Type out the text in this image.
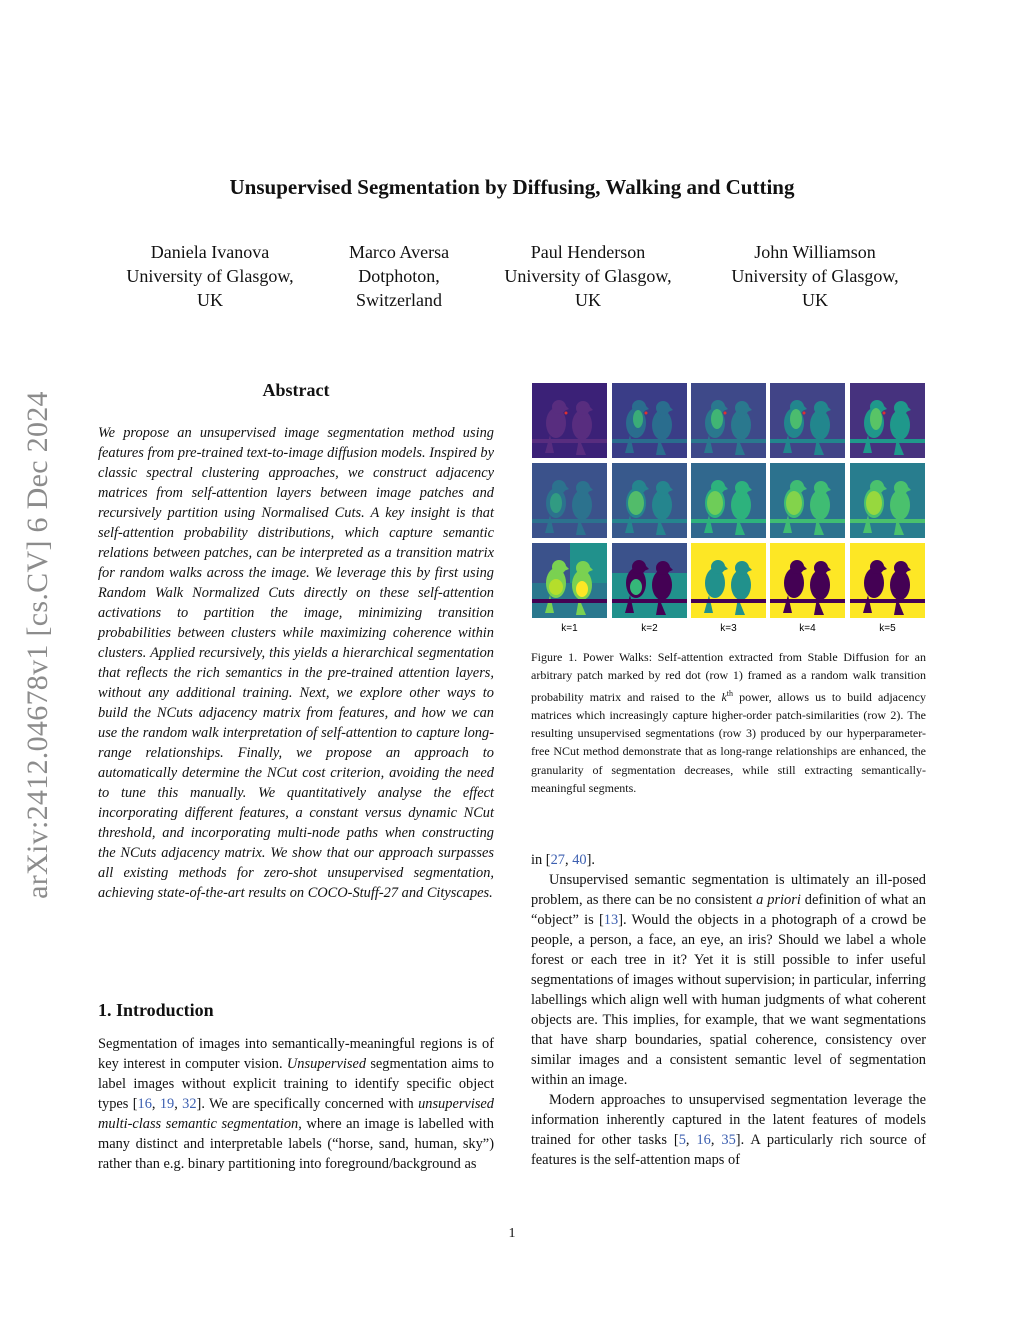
arXiv:2412.04678v1 [cs.CV] 6 Dec 2024
Unsupervised Segmentation by Diffusing, Walking and Cutting
Daniela Ivanova
University of Glasgow,
UK
Marco Aversa
Dotphoton,
Switzerland
Paul Henderson
University of Glasgow,
UK
John Williamson
University of Glasgow,
UK
Abstract
We propose an unsupervised image segmentation method using features from pre-trained text-to-image diffusion models. Inspired by classic spectral clustering approaches, we construct adjacency matrices from self-attention layers between image patches and recursively partition using Normalised Cuts. A key insight is that self-attention probability distributions, which capture semantic relations between patches, can be interpreted as a transition matrix for random walks across the image. We leverage this by first using Random Walk Normalized Cuts directly on these self-attention activations to partition the image, minimizing transition probabilities between clusters while maximizing coherence within clusters. Applied recursively, this yields a hierarchical segmentation that reflects the rich semantics in the pre-trained attention layers, without any additional training. Next, we explore other ways to build the NCuts adjacency matrix from features, and how we can use the random walk interpretation of self-attention to capture long-range relationships. Finally, we propose an approach to automatically determine the NCut cost criterion, avoiding the need to tune this manually. We quantitatively analyse the effect incorporating different features, a constant versus dynamic NCut threshold, and incorporating multi-node paths when constructing the NCuts adjacency matrix. We show that our approach surpasses all existing methods for zero-shot unsupervised segmentation, achieving state-of-the-art results on COCO-Stuff-27 and Cityscapes.
1. Introduction

Segmentation of images into semantically-meaningful regions is of key interest in computer vision. Unsupervised segmentation aims to label images without explicit training to identify specific object types [16, 19, 32]. We are specifically concerned with unsupervised multi-class semantic segmentation, where an image is labelled with many distinct and interpretable labels (“horse, sand, human, sky”) rather than e.g. binary partitioning into foreground/background as

k=1	k=2	k=3	k=4	k=5
Figure 1. Power Walks: Self-attention extracted from Stable Diffusion for an arbitrary patch marked by red dot (row 1) framed as a random walk transition probability matrix and raised to the $k^{th}$ power, allows us to build adjacency matrices which increasingly capture higher-order patch-similarities (row 2). The resulting unsupervised segmentations (row 3) produced by our hyperparameter-free NCut method demonstrate that as long-range relationships are enhanced, the granularity of segmentation decreases, while still extracting semantically-meaningful segments.

in [27, 40].

Unsupervised semantic segmentation is ultimately an ill-posed problem, as there can be no consistent a priori definition of what an “object” is [13]. Would the objects in a photograph of a crowd be people, a person, a face, an eye, an iris? Should we label a whole forest or each tree in it? Yet it is still possible to infer useful segmentations of images without supervision; in particular, inferring labellings which align well with human judgments of what coherent objects are. This implies, for example, that we want segmentations that have sharp boundaries, spatial coherence, consistency over similar images and a consistent semantic level of segmentation within an image.

Modern approaches to unsupervised segmentation leverage the information inherently captured in the latent features of models trained for other tasks [5, 16, 35]. A particularly rich source of features is the self-attention maps of

1
